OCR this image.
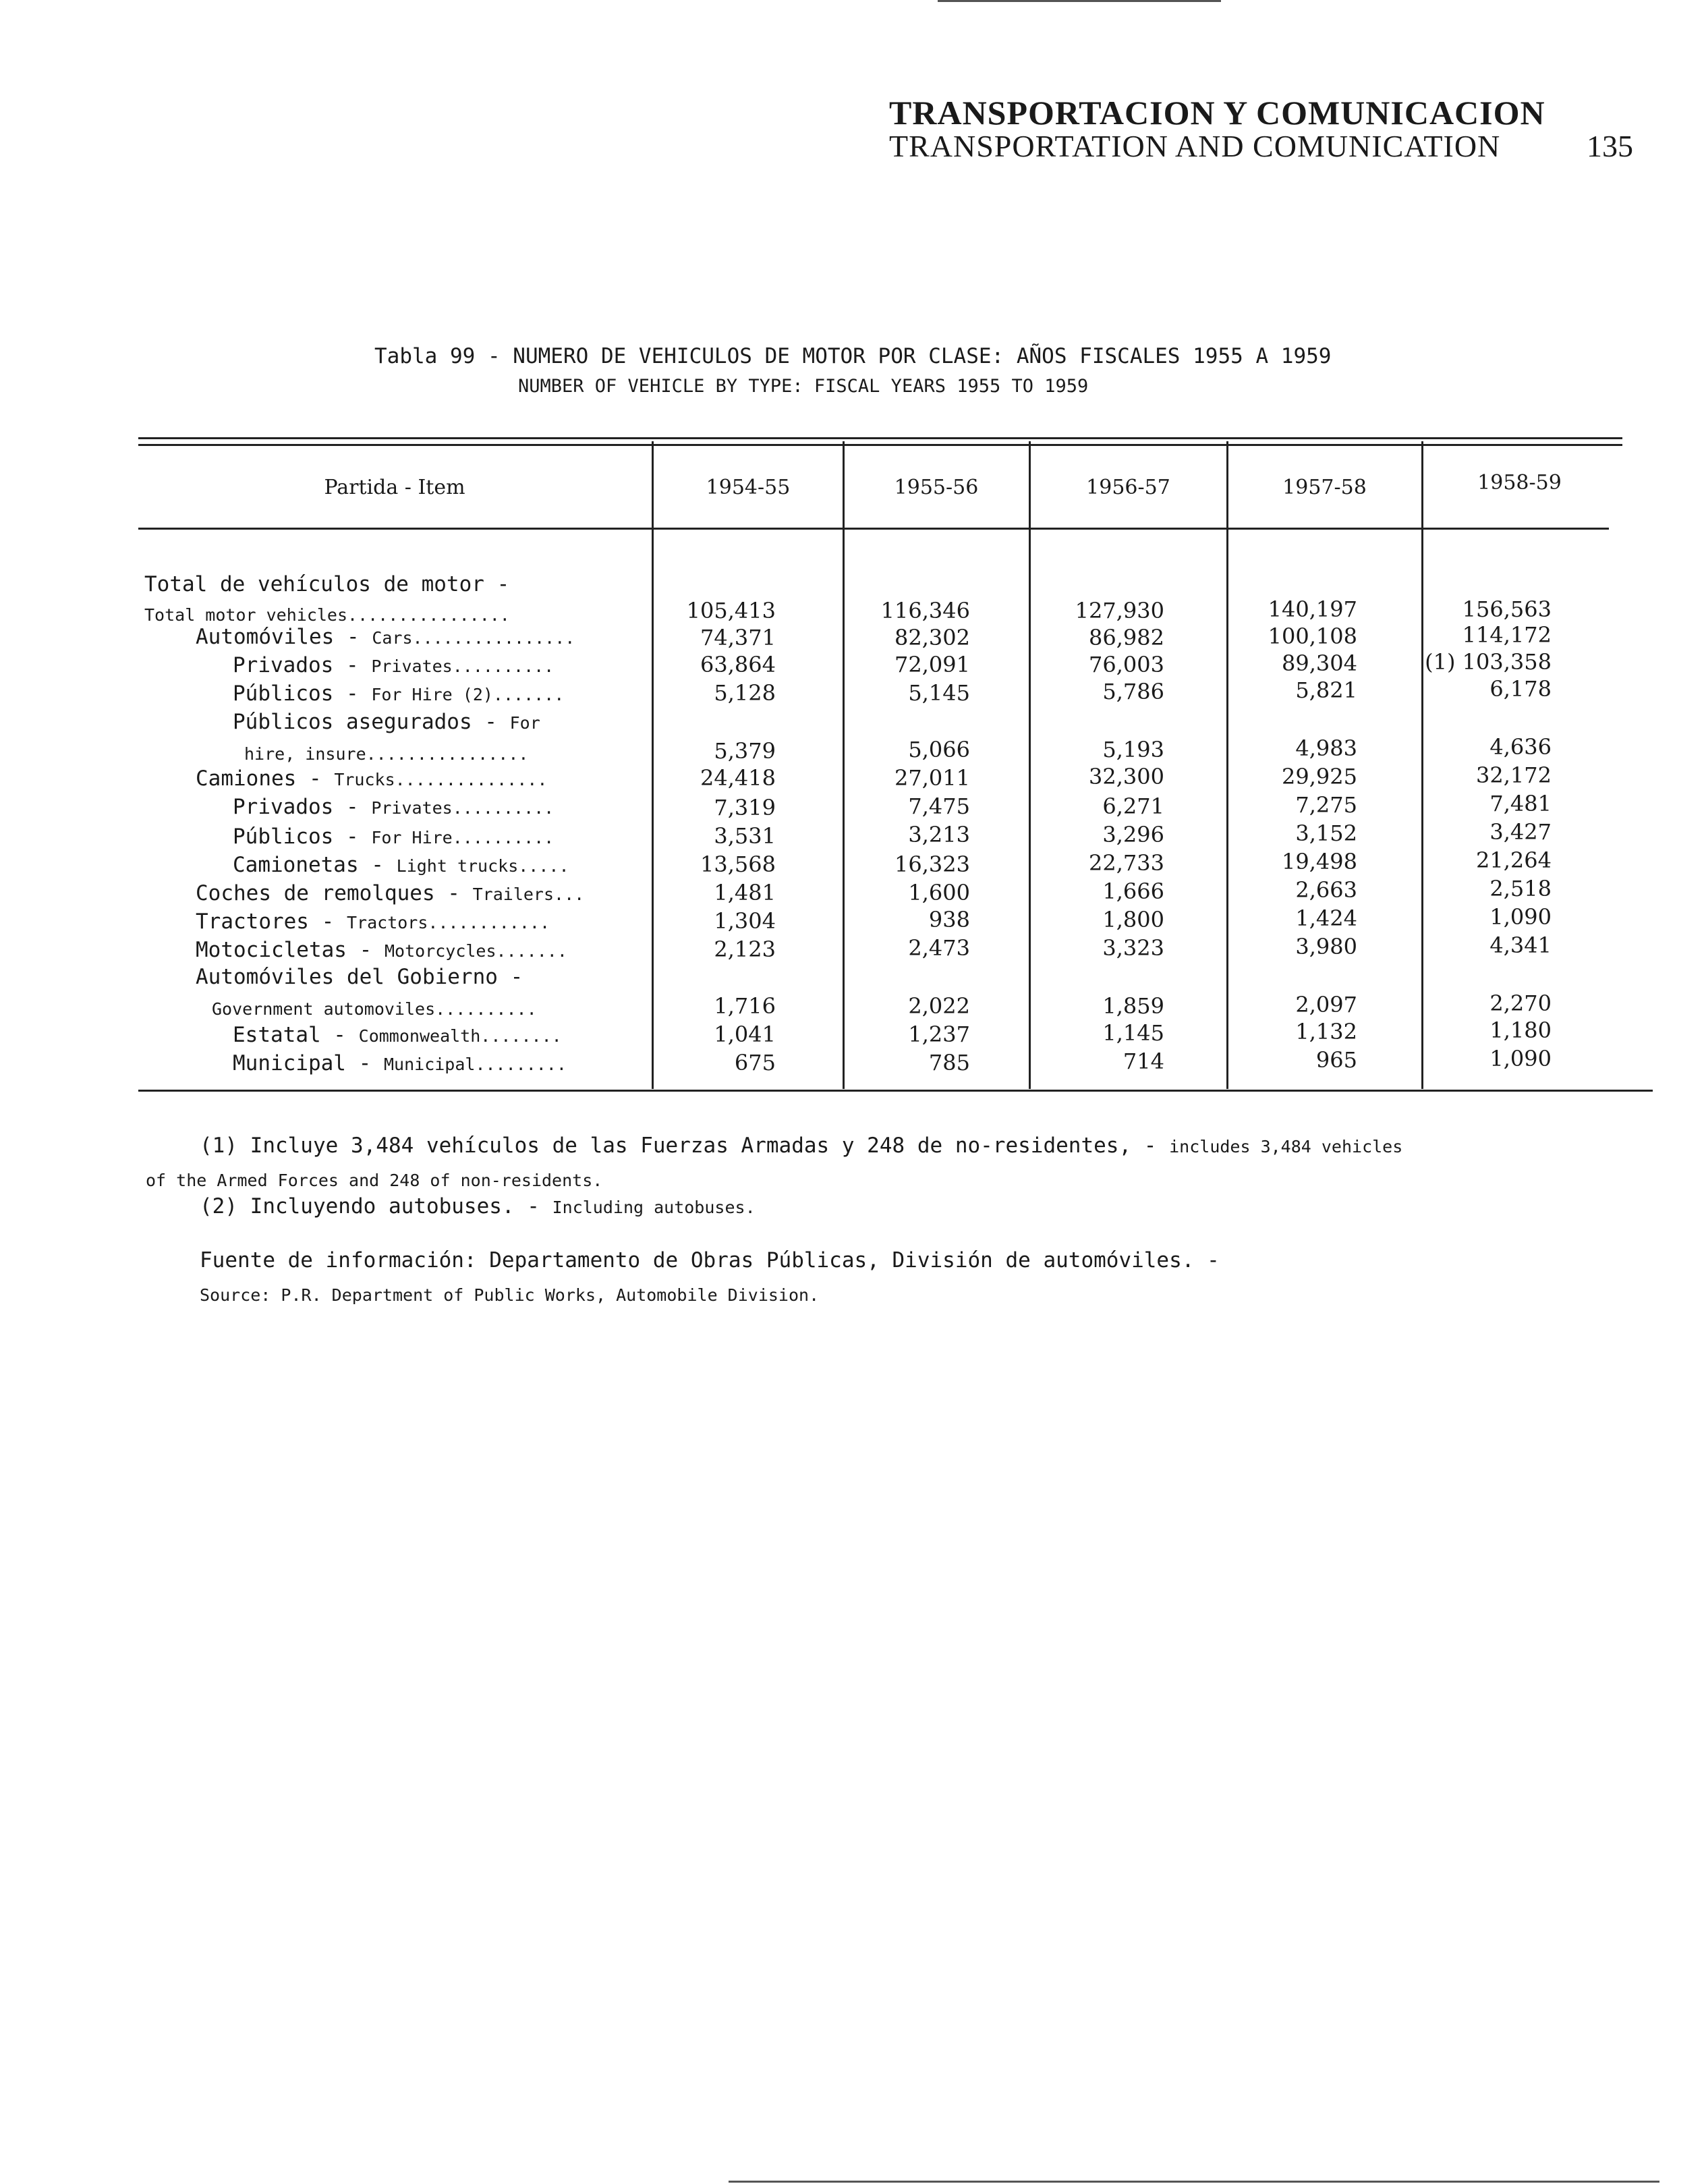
TRANSPORTACION Y COMUNICACION
TRANSPORTATION AND COMUNICATION	135
Tabla 99 - NUMERO DE VEHICULOS DE MOTOR POR CLASE: AÑOS FISCALES 1955 A 1959
NUMBER OF VEHICLE BY TYPE: FISCAL YEARS 1955 TO 1959
Partida - Item	1954-55	1955-56	1956-57	1957-58	1958-59
Total de vehículos de motor -
Total motor vehicles................	105,413	116,346	127,930	140,197	156,563
Automóviles - Cars................	74,371	82,302	86,982	100,108	114,172
Privados - Privates..........	63,864	72,091	76,003	89,304	(1) 103,358
Públicos - For Hire (2).......	5,128	5,145	5,786	5,821	6,178
Públicos asegurados - For
hire, insure................	5,379	5,066	5,193	4,983	4,636
Camiones - Trucks...............	24,418	27,011	32,300	29,925	32,172
Privados - Privates..........	7,319	7,475	6,271	7,275	7,481
Públicos - For Hire..........	3,531	3,213	3,296	3,152	3,427
Camionetas - Light trucks.....	13,568	16,323	22,733	19,498	21,264
Coches de remolques - Trailers...	1,481	1,600	1,666	2,663	2,518
Tractores - Tractors............	1,304	938	1,800	1,424	1,090
Motocicletas - Motorcycles.......	2,123	2,473	3,323	3,980	4,341
Automóviles del Gobierno -
Government automoviles..........	1,716	2,022	1,859	2,097	2,270
Estatal - Commonwealth........	1,041	1,237	1,145	1,132	1,180
Municipal - Municipal.........	675	785	714	965	1,090
(1) Incluye 3,484 vehículos de las Fuerzas Armadas y 248 de no-residentes, - includes 3,484 vehicles
of the Armed Forces and 248 of non-residents.
(2) Incluyendo autobuses. - Including autobuses.
Fuente de información: Departamento de Obras Públicas, División de automóviles. -
Source: P.R. Department of Public Works, Automobile Division.
